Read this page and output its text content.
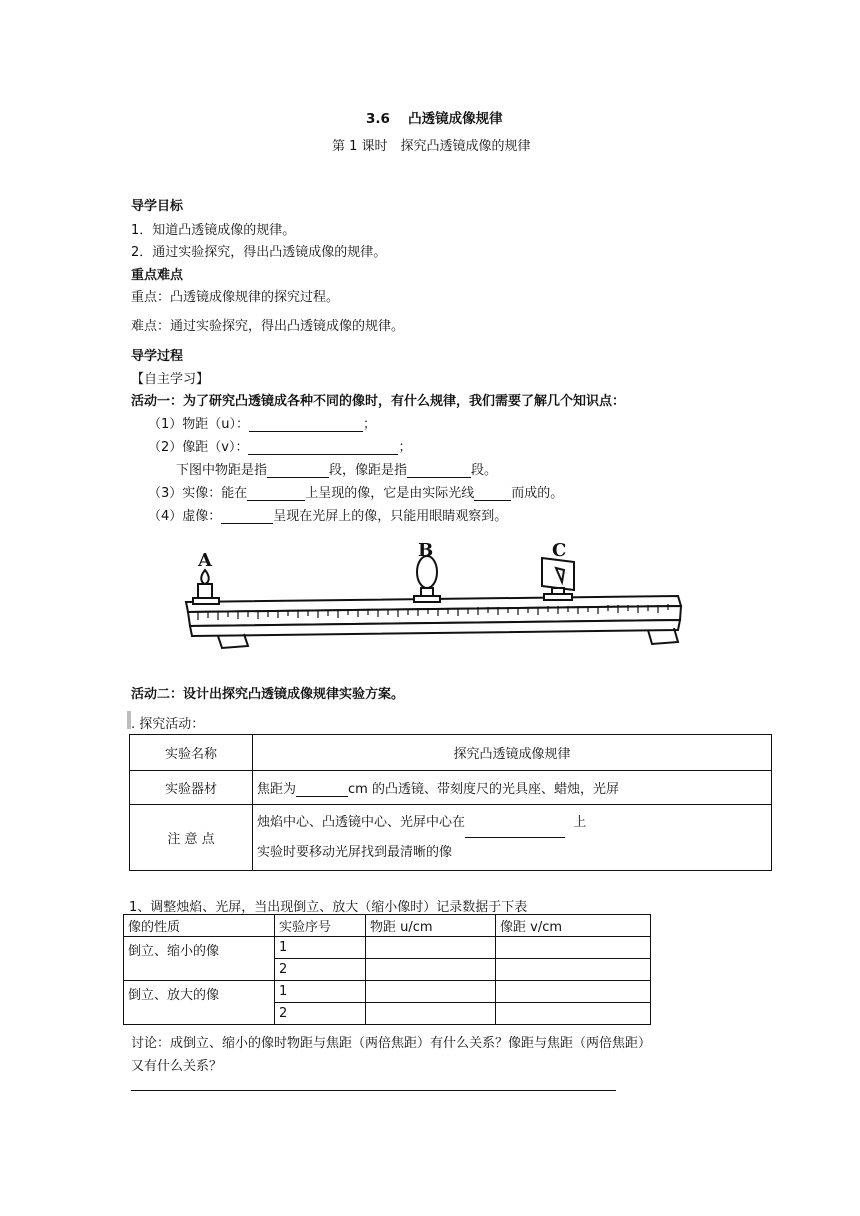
3.6　 凸透镜成像规律
第 1 课时　探究凸透镜成像的规律
导学目标
1．知道凸透镜成像的规律。
2．通过实验探究，得出凸透镜成像的规律。
重点难点
重点：凸透镜成像规律的探究过程。
难点：通过实验探究，得出凸透镜成像的规律。
导学过程
【自主学习】
活动一：为了研究凸透镜成各种不同的像时，有什么规律，我们需要了解几个知识点：
（1）物距（u）：	；
（2）像距（v）：	；
下图中物距是指	段，像距是指	段。
（3）实像：能在	上呈现的像，它是由实际光线	而成的。
（4）虚像：	呈现在光屏上的像，只能用眼睛观察到。
A	B	C
活动二：设计出探究凸透镜成像规律实验方案。
. 探究活动：
实验名称	探究凸透镜成像规律
实验器材	焦距为 cm 的凸透镜、带刻度尺的光具座、蜡烛，光屏
注 意 点	烛焰中心、凸透镜中心、光屏中心在 上
实验时要移动光屏找到最清晰的像
1、调整烛焰、光屏，当出现倒立、放大（缩小像时）记录数据于下表
像的性质	实验序号	物距 u/cm	像距 v/cm
倒立、缩小的像	1		
	2		
倒立、放大的像	1		
	2		
讨论：成倒立、缩小的像时物距与焦距（两倍焦距）有什么关系？像距与焦距（两倍焦距）
又有什么关系？
